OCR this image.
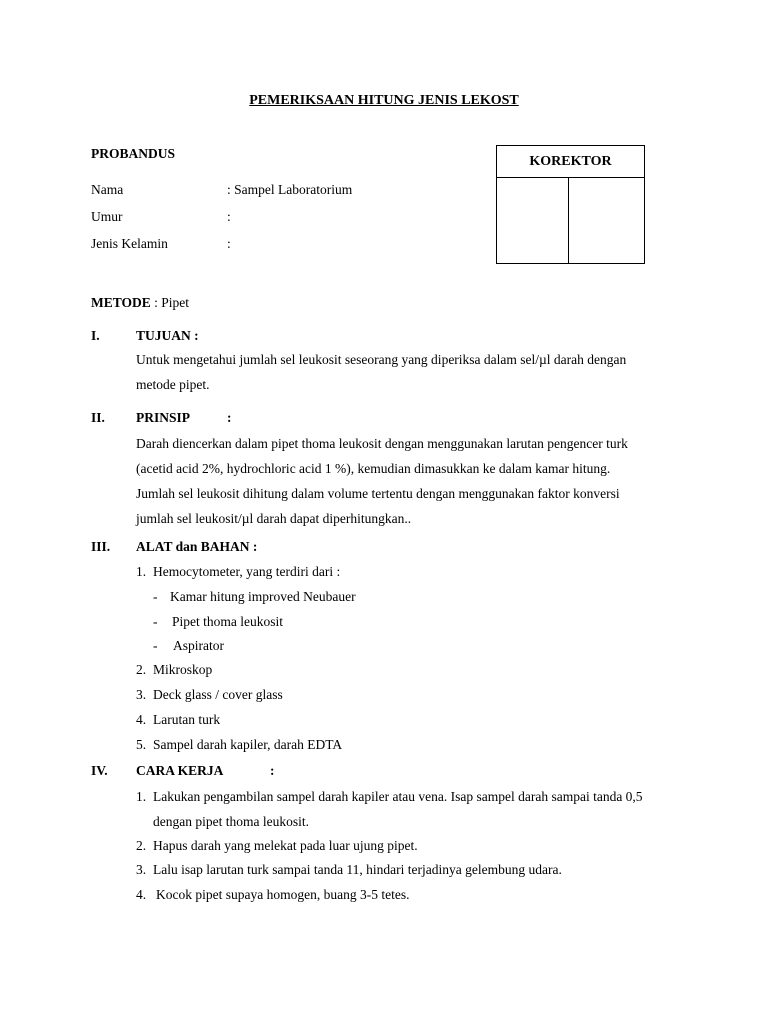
PEMERIKSAAN HITUNG JENIS LEKOST
PROBANDUS
Nama	: Sampel Laboratorium
Umur	:
Jenis Kelamin	:
KOREKTOR
METODE : Pipet
I.	TUJUAN :
Untuk mengetahui jumlah sel leukosit seseorang yang diperiksa dalam sel/µl darah dengan
metode pipet.
II. PRINSIP	:
Darah diencerkan dalam pipet thoma leukosit dengan menggunakan larutan pengencer turk
(acetid acid 2%, hydrochloric acid 1 %), kemudian dimasukkan ke dalam kamar hitung.
Jumlah sel leukosit dihitung dalam volume tertentu dengan menggunakan faktor konversi
jumlah sel leukosit/µl darah dapat diperhitungkan..
III. ALAT dan BAHAN :
1. Hemocytometer, yang terdiri dari :
- Kamar hitung improved Neubauer
- Pipet thoma leukosit
- Aspirator
2. Mikroskop
3. Deck glass / cover glass
4. Larutan turk
5. Sampel darah kapiler, darah EDTA
IV. CARA KERJA	:
1. Lakukan pengambilan sampel darah kapiler atau vena. Isap sampel darah sampai tanda 0,5
dengan pipet thoma leukosit.
2. Hapus darah yang melekat pada luar ujung pipet.
3. Lalu isap larutan turk sampai tanda 11, hindari terjadinya gelembung udara.
4. Kocok pipet supaya homogen, buang 3-5 tetes.
